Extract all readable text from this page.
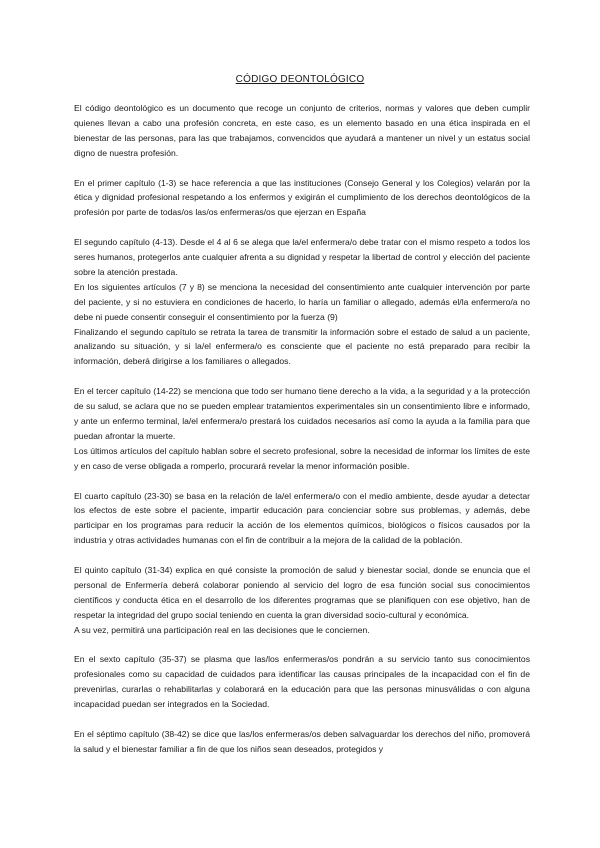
CÓDIGO DEONTOLÓGICO

El código deontológico es un documento que recoge un conjunto de criterios, normas y valores que deben cumplir quienes llevan a cabo una profesión concreta, en este caso, es un elemento basado en una ética inspirada en el bienestar de las personas, para las que trabajamos, convencidos que ayudará a mantener un nivel y un estatus social digno de nuestra profesión.

En el primer capítulo (1-3) se hace referencia a que las instituciones (Consejo General y los Colegios) velarán por la ética y dignidad profesional respetando a los enfermos y exigirán el cumplimiento de los derechos deontológicos de la profesión por parte de todas/os las/os enfermeras/os que ejerzan en España

El segundo capítulo (4-13). Desde el 4 al 6 se alega que la/el enfermera/o debe tratar con el mismo respeto a todos los seres humanos, protegerlos ante cualquier afrenta a su dignidad y respetar la libertad de control y elección del paciente sobre la atención prestada.

En los siguientes artículos (7 y 8) se menciona la necesidad del consentimiento ante cualquier intervención por parte del paciente, y si no estuviera en condiciones de hacerlo, lo haría un familiar o allegado, además el/la enfermero/a no debe ni puede consentir conseguir el consentimiento por la fuerza (9)

Finalizando el segundo capítulo se retrata la tarea de transmitir la información sobre el estado de salud a un paciente, analizando su situación, y si la/el enfermera/o es consciente que el paciente no está preparado para recibir la información, deberá dirigirse a los familiares o allegados.

En el tercer capítulo (14-22) se menciona que todo ser humano tiene derecho a la vida, a la seguridad y a la protección de su salud, se aclara que no se pueden emplear tratamientos experimentales sin un consentimiento libre e informado, y ante un enfermo terminal, la/el enfermera/o prestará los cuidados necesarios así como la ayuda a la familia para que puedan afrontar la muerte.

Los últimos artículos del capítulo hablan sobre el secreto profesional, sobre la necesidad de informar los límites de este y en caso de verse obligada a romperlo, procurará revelar la menor información posible.

El cuarto capítulo (23-30) se basa en la relación de la/el enfermera/o con el medio ambiente, desde ayudar a detectar los efectos de este sobre el paciente, impartir educación para concienciar sobre sus problemas, y además, debe participar en los programas para reducir la acción de los elementos químicos, biológicos o físicos causados por la industria y otras actividades humanas con el fin de contribuir a la mejora de la calidad de la población.

El quinto capítulo (31-34) explica en qué consiste la promoción de salud y bienestar social, donde se enuncia que el personal de Enfermería deberá colaborar poniendo al servicio del logro de esa función social sus conocimientos científicos y conducta ética en el desarrollo de los diferentes programas que se planifiquen con ese objetivo, han de respetar la integridad del grupo social teniendo en cuenta la gran diversidad socio-cultural y económica.

A su vez, permitirá una participación real en las decisiones que le conciernen.

En el sexto capítulo (35-37) se plasma que las/los enfermeras/os pondrán a su servicio tanto sus conocimientos profesionales como su capacidad de cuidados para identificar las causas principales de la incapacidad con el fin de prevenirlas, curarlas o rehabilitarlas y colaborará en la educación para que las personas minusválidas o con alguna incapacidad puedan ser integrados en la Sociedad.

En el séptimo capítulo (38-42) se dice que las/los enfermeras/os deben salvaguardar los derechos del niño, promoverá la salud y el bienestar familiar a fin de que los niños sean deseados, protegidos y
